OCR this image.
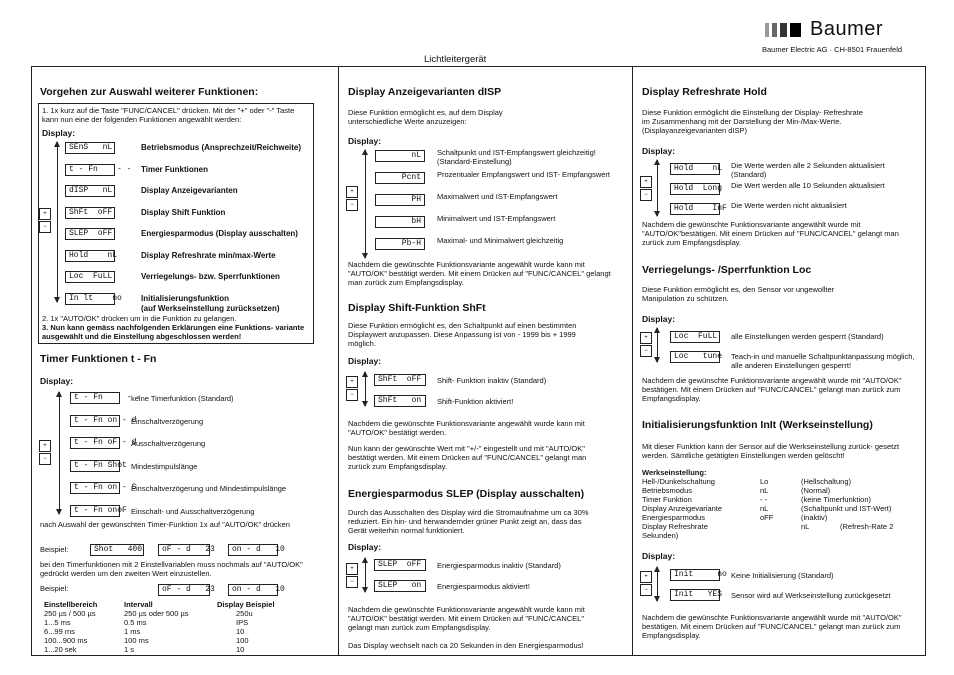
Baumer
Baumer Electric AG · CH-8501 Frauenfeld
Lichtleitergerät
Vorgehen zur Auswahl weiterer Funktionen:
1. 1x kurz auf die Taste "FUNC/CANCEL" drücken. Mit der "+" oder "-" Taste kann nun eine der folgenden Funktionen angewählt werden:
Display:
+
−
SEnS   nL	Betriebsmodus (Ansprechzeit/Reichweite)
t - Fn    - - Timer Funktionen
dISP   nL	Display Anzeigevarianten
ShFt  oFF	Display Shift Funktion
SLEP  oFF	Energiesparmodus (Display ausschalten)
Hold    nL	Display Refreshrate min/max-Werte
Loc  FuLL	Verriegelungs- bzw. Sperrfunktionen
In lt    no Initialisierungsfunktion
(auf Werkseinstellung zurücksetzen)
2. 1x "AUTO/OK" drücken um in die Funktion zu gelangen.
3. Nun kann gemäss nachfolgenden Erklärungen eine Funktions- variante ausgewählt und die Einstellung abgeschlossen werden!
Timer Funktionen t - Fn
Display:
+
−
t - Fn     - -
keine Timerfunktion (Standard)
t - Fn on - d
Einschaltverzögerung
t - Fn oF - d
Ausschaltverzögerung
t - Fn Shot Mindestimpulslänge
t - Fn on - S
Einschaltverzögerung und Mindestimpulslänge
t - Fn onoF Einschalt- und Ausschaltverzögerung
nach Auswahl der gewünschten Timer-Funktion 1x auf "AUTO/OK" drücken
Beispiel:	Shot   400	oF - d   23	on - d   10
bei den Timerfunktionen mit 2 Einstellvariablen muss nochmals auf "AUTO/OK" gedrückt werden um den zweiten Wert einzustellen.
Beispiel:	oF - d   23	on - d   10
Einstellbereich	Intervall	Display Beispiel
250 µs / 500 µs	250 µs oder 500 µs	250u
1...5 ms	0.5 ms	IPS
6...99 ms	1 ms	10
100...900 ms	100 ms	100
1...20 sek	1 s	10
Display Anzeigevarianten dISP
Diese Funktion ermöglicht es, auf dem Display unterschiedliche Werte anzuzeigen:
Display:
+
−
nL	Schaltpunkt und IST-Empfangswert gleichzeitig! (Standard-Einstellung)
Pcnt	Prozentualer Empfangswert und IST- Empfangswert
PH	Maximalwert und IST-Empfangswert
bH	Minimalwert und IST-Empfangswert
Pb-H	Maximal- und Minimalwert gleichzeitig
Nachdem die gewünschte Funktionsvariante angewählt wurde kann mit "AUTO/OK" bestätigt werden. Mit einem Drücken auf "FUNC/CANCEL" gelangt man zurück zum Empfangsdisplay.
Display Shift-Funktion ShFt
Diese Funktion ermöglicht es, den Schaltpunkt auf einen bestimmten Displaywert anzupassen. Diese Anpassung ist von - 1999 bis + 1999 möglich.
Display:
+
−
ShFt  oFF	Shift- Funktion inaktiv (Standard)
ShFt   on	Shift-Funktion aktiviert!
Nachdem die gewünschte Funktionsvariante angewählt wurde kann mit "AUTO/OK" bestätigt werden.
Nun kann der gewünschte Wert mit "+/-" eingestellt und mit "AUTO/OK" bestätigt werden. Mit einem Drücken auf "FUNC/CANCEL" gelangt man zurück zum Empfangsdisplay.
Energiesparmodus SLEP (Display ausschalten)
Durch das Ausschalten des Display wird die Stromaufnahme um ca 30% reduziert. Ein hin- und herwandernder grüner Punkt zeigt an, dass das Gerät weiterhin normal funktioniert.
Display:
+
−
SLEP  oFF	Energiesparmodus inaktiv (Standard)
SLEP   on	Energiesparmodus aktiviert!
Nachdem die gewünschte Funktionsvariante angewählt wurde kann mit "AUTO/OK" bestätigt werden. Mit einem Drücken auf "FUNC/CANCEL" gelangt man zurück zum Empfangsdisplay.
Das Display wechselt nach ca 20 Sekunden in den Energiesparmodus!
Display Refreshrate Hold
Diese Funktion ermöglicht die Einstellung der Display- Refreshrate im Zusammenhang mit der Darstellung der Min-/Max-Werte. (Displayanzeigevarianten dISP)
Display:
+
−
Hold    nL Die Werte werden alle 2 Sekunden aktualisiert (Standard)
Hold  Long Die Wert werden alle 10 Sekunden aktualisiert
Hold    InF Die Werte werden nicht aktualisiert
Nachdem die gewünschte Funktionsvariante angewählt wurde mit "AUTO/OK"bestätigen. Mit einem Drücken auf "FUNC/CANCEL" gelangt man zurück zum Empfangsdisplay.
Verriegelungs- /Sperrfunktion Loc
Diese Funktion ermöglicht es, den Sensor vor ungewollter Manipulation zu schützen.
Display:
+
−
Loc  FuLL	alle Einstellungen werden gesperrt (Standard)
Loc   tune Teach-in und manuelle Schaltpunktanpassung möglich, alle anderen Einstellungen gesperrt!
Nachdem die gewünschte Funktionsvariante angewählt wurde mit "AUTO/OK" bestätigen. Mit einem Drücken auf "FUNC/CANCEL" gelangt man zurück zum Empfangsdisplay.
Initialisierungsfunktion InIt (Werkseinstellung)
Mit dieser Funktion kann der Sensor auf die Werkseinstellung zurück- gesetzt werden. Sämtliche getätigten Einstellungen werden gelöscht!
Werkseinstellung:
Hell-/Dunkelschaltung	Lo	(Hellschaltung)
Betriebsmodus	nL	(Normal)
Timer Funktion	- -	(keine Timerfunktion)
Display Anzeigevariante	nL	(Schaltpunkt und IST-Wert)
Energiesparmodus	oFF	(inaktiv)
Display Refreshrate	nL	(Refresh-Rate 2
Sekunden)
Display:
+
−
Init     no Keine Initialisierung (Standard)
Init   YES Sensor wird auf Werkseinstellung zurückgesetzt
Nachdem die gewünschte Funktionsvariante angewählt wurde mit "AUTO/OK" bestätigen. Mit einem Drücken auf "FUNC/CANCEL" gelangt man zurück zum Empfangsdisplay.
